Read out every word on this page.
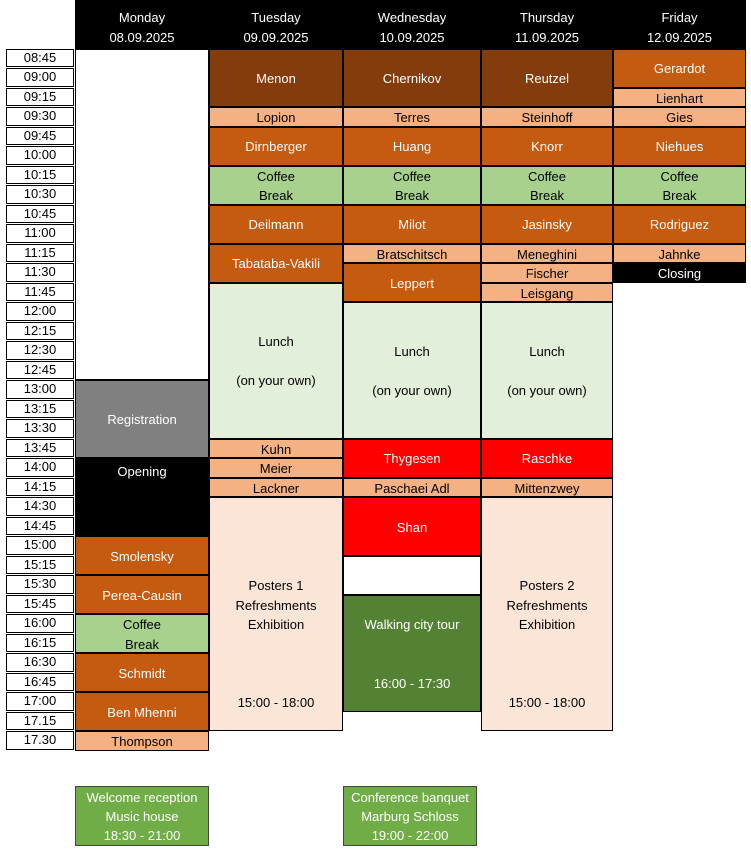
Monday
08.09.2025
Tuesday
09.09.2025
Wednesday
10.09.2025
Thursday
11.09.2025
Friday
12.09.2025
08:45
09:00
09:15
09:30
09:45
10:00
10:15
10:30
10:45
11:00
11:15
11:30
11:45
12:00
12:15
12:30
12:45
13:00
13:15
13:30
13:45
14:00
14:15
14:30
14:45
15:00
15:15
15:30
15:45
16:00
16:15
16:30
16:45
17:00
17.15
17.30
Registration
Opening
Smolensky
Perea-Causin
Coffee
Break
Schmidt
Ben Mhenni
Thompson
Menon
Lopion
Dirnberger
Coffee
Break
Deilmann
Tabataba-Vakili
Lunch
(on your own)
Kuhn
Meier
Lackner
Posters 1
Refreshments
Exhibition
15:00 - 18:00
Chernikov
Terres
Huang
Coffee
Break
Milot
Bratschitsch
Leppert
Lunch
(on your own)
Thygesen
Paschaei Adl
Shan
Walking city tour
16:00 - 17:30
Reutzel
Steinhoff
Knorr
Coffee
Break
Jasinsky
Meneghini
Fischer
Leisgang
Lunch
(on your own)
Raschke
Mittenzwey
Posters 2
Refreshments
Exhibition
15:00 - 18:00
Gerardot
Lienhart
Gies
Niehues
Coffee
Break
Rodriguez
Jahnke
Closing
Welcome reception
Music house
18:30 - 21:00
Conference banquet
Marburg Schloss
19:00 - 22:00
